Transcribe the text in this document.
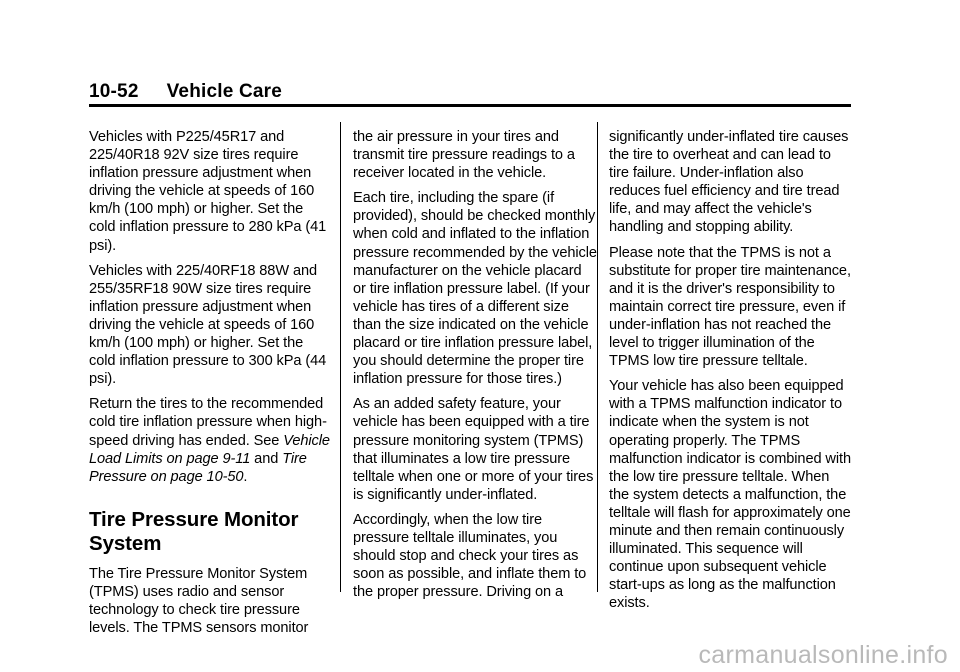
10-52 Vehicle Care

Vehicles with P225/45R17 and 225/40R18 92V size tires require inflation pressure adjustment when driving the vehicle at speeds of 160 km/h (100 mph) or higher. Set the cold inflation pressure to 280 kPa (41 psi).

Vehicles with 225/40RF18 88W and 255/35RF18 90W size tires require inflation pressure adjustment when driving the vehicle at speeds of 160 km/h (100 mph) or higher. Set the cold inflation pressure to 300 kPa (44 psi).

Return the tires to the recommended cold tire inflation pressure when high-speed driving has ended. See Vehicle Load Limits on page 9-11 and Tire Pressure on page 10-50.

Tire Pressure Monitor System

The Tire Pressure Monitor System (TPMS) uses radio and sensor technology to check tire pressure levels. The TPMS sensors monitor

the air pressure in your tires and transmit tire pressure readings to a receiver located in the vehicle.

Each tire, including the spare (if provided), should be checked monthly when cold and inflated to the inflation pressure recommended by the vehicle manufacturer on the vehicle placard or tire inflation pressure label. (If your vehicle has tires of a different size than the size indicated on the vehicle placard or tire inflation pressure label, you should determine the proper tire inflation pressure for those tires.)

As an added safety feature, your vehicle has been equipped with a tire pressure monitoring system (TPMS) that illuminates a low tire pressure telltale when one or more of your tires is significantly under-inflated.

Accordingly, when the low tire pressure telltale illuminates, you should stop and check your tires as soon as possible, and inflate them to the proper pressure. Driving on a

significantly under-inflated tire causes the tire to overheat and can lead to tire failure. Under-inflation also reduces fuel efficiency and tire tread life, and may affect the vehicle's handling and stopping ability.

Please note that the TPMS is not a substitute for proper tire maintenance, and it is the driver's responsibility to maintain correct tire pressure, even if under-inflation has not reached the level to trigger illumination of the TPMS low tire pressure telltale.

Your vehicle has also been equipped with a TPMS malfunction indicator to indicate when the system is not operating properly. The TPMS malfunction indicator is combined with the low tire pressure telltale. When the system detects a malfunction, the telltale will flash for approximately one minute and then remain continuously illuminated. This sequence will continue upon subsequent vehicle start-ups as long as the malfunction exists.

carmanualsonline.info
